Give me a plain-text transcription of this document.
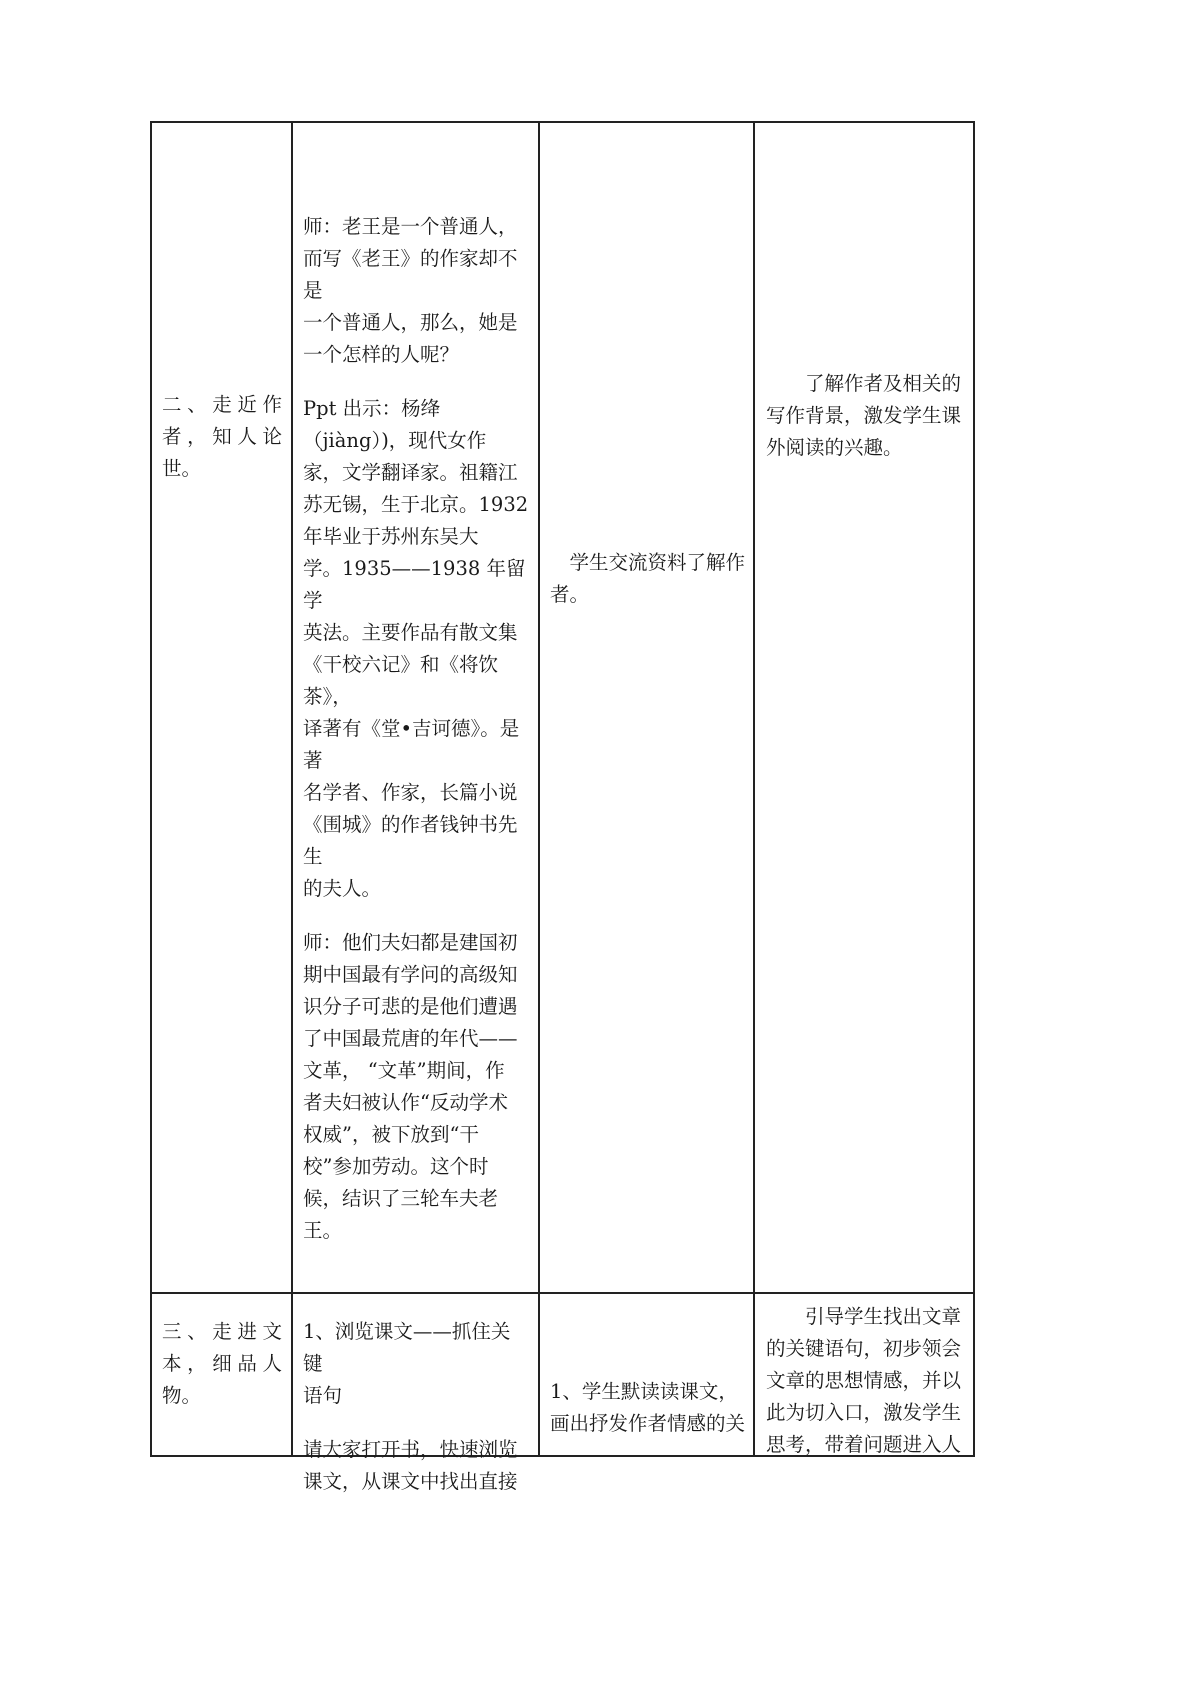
二、走近作

者，知人论

世。

师：老王是一个普通人，

而写《老王》的作家却不是

一个普通人，那么，她是

一个怎样的人呢？

Ppt 出示：杨绛

（jiàng）)，现代女作

家，文学翻译家。祖籍江

苏无锡，生于北京。1932

年毕业于苏州东吴大

学。1935——1938 年留学

英法。主要作品有散文集

《干校六记》和《将饮茶》，

译著有《堂•吉诃德》。是著

名学者、作家，长篇小说

《围城》的作者钱钟书先生

的夫人。

师：他们夫妇都是建国初

期中国最有学问的高级知

识分子可悲的是他们遭遇

了中国最荒唐的年代——

文革， “文革”期间，作

者夫妇被认作“反动学术

权威”，被下放到“干

校”参加劳动。这个时

候，结识了三轮车夫老

王。

学生交流资料了解作

者。

了解作者及相关的

写作背景，激发学生课

外阅读的兴趣。

三、走进文

本，细品人

物。

1、浏览课文——抓住关键

语句

请大家打开书，快速浏览

课文，从课文中找出直接

1、学生默读读课文，

画出抒发作者情感的关

引导学生找出文章

的关键语句，初步领会

文章的思想情感，并以

此为切入口，激发学生

思考，带着问题进入人
